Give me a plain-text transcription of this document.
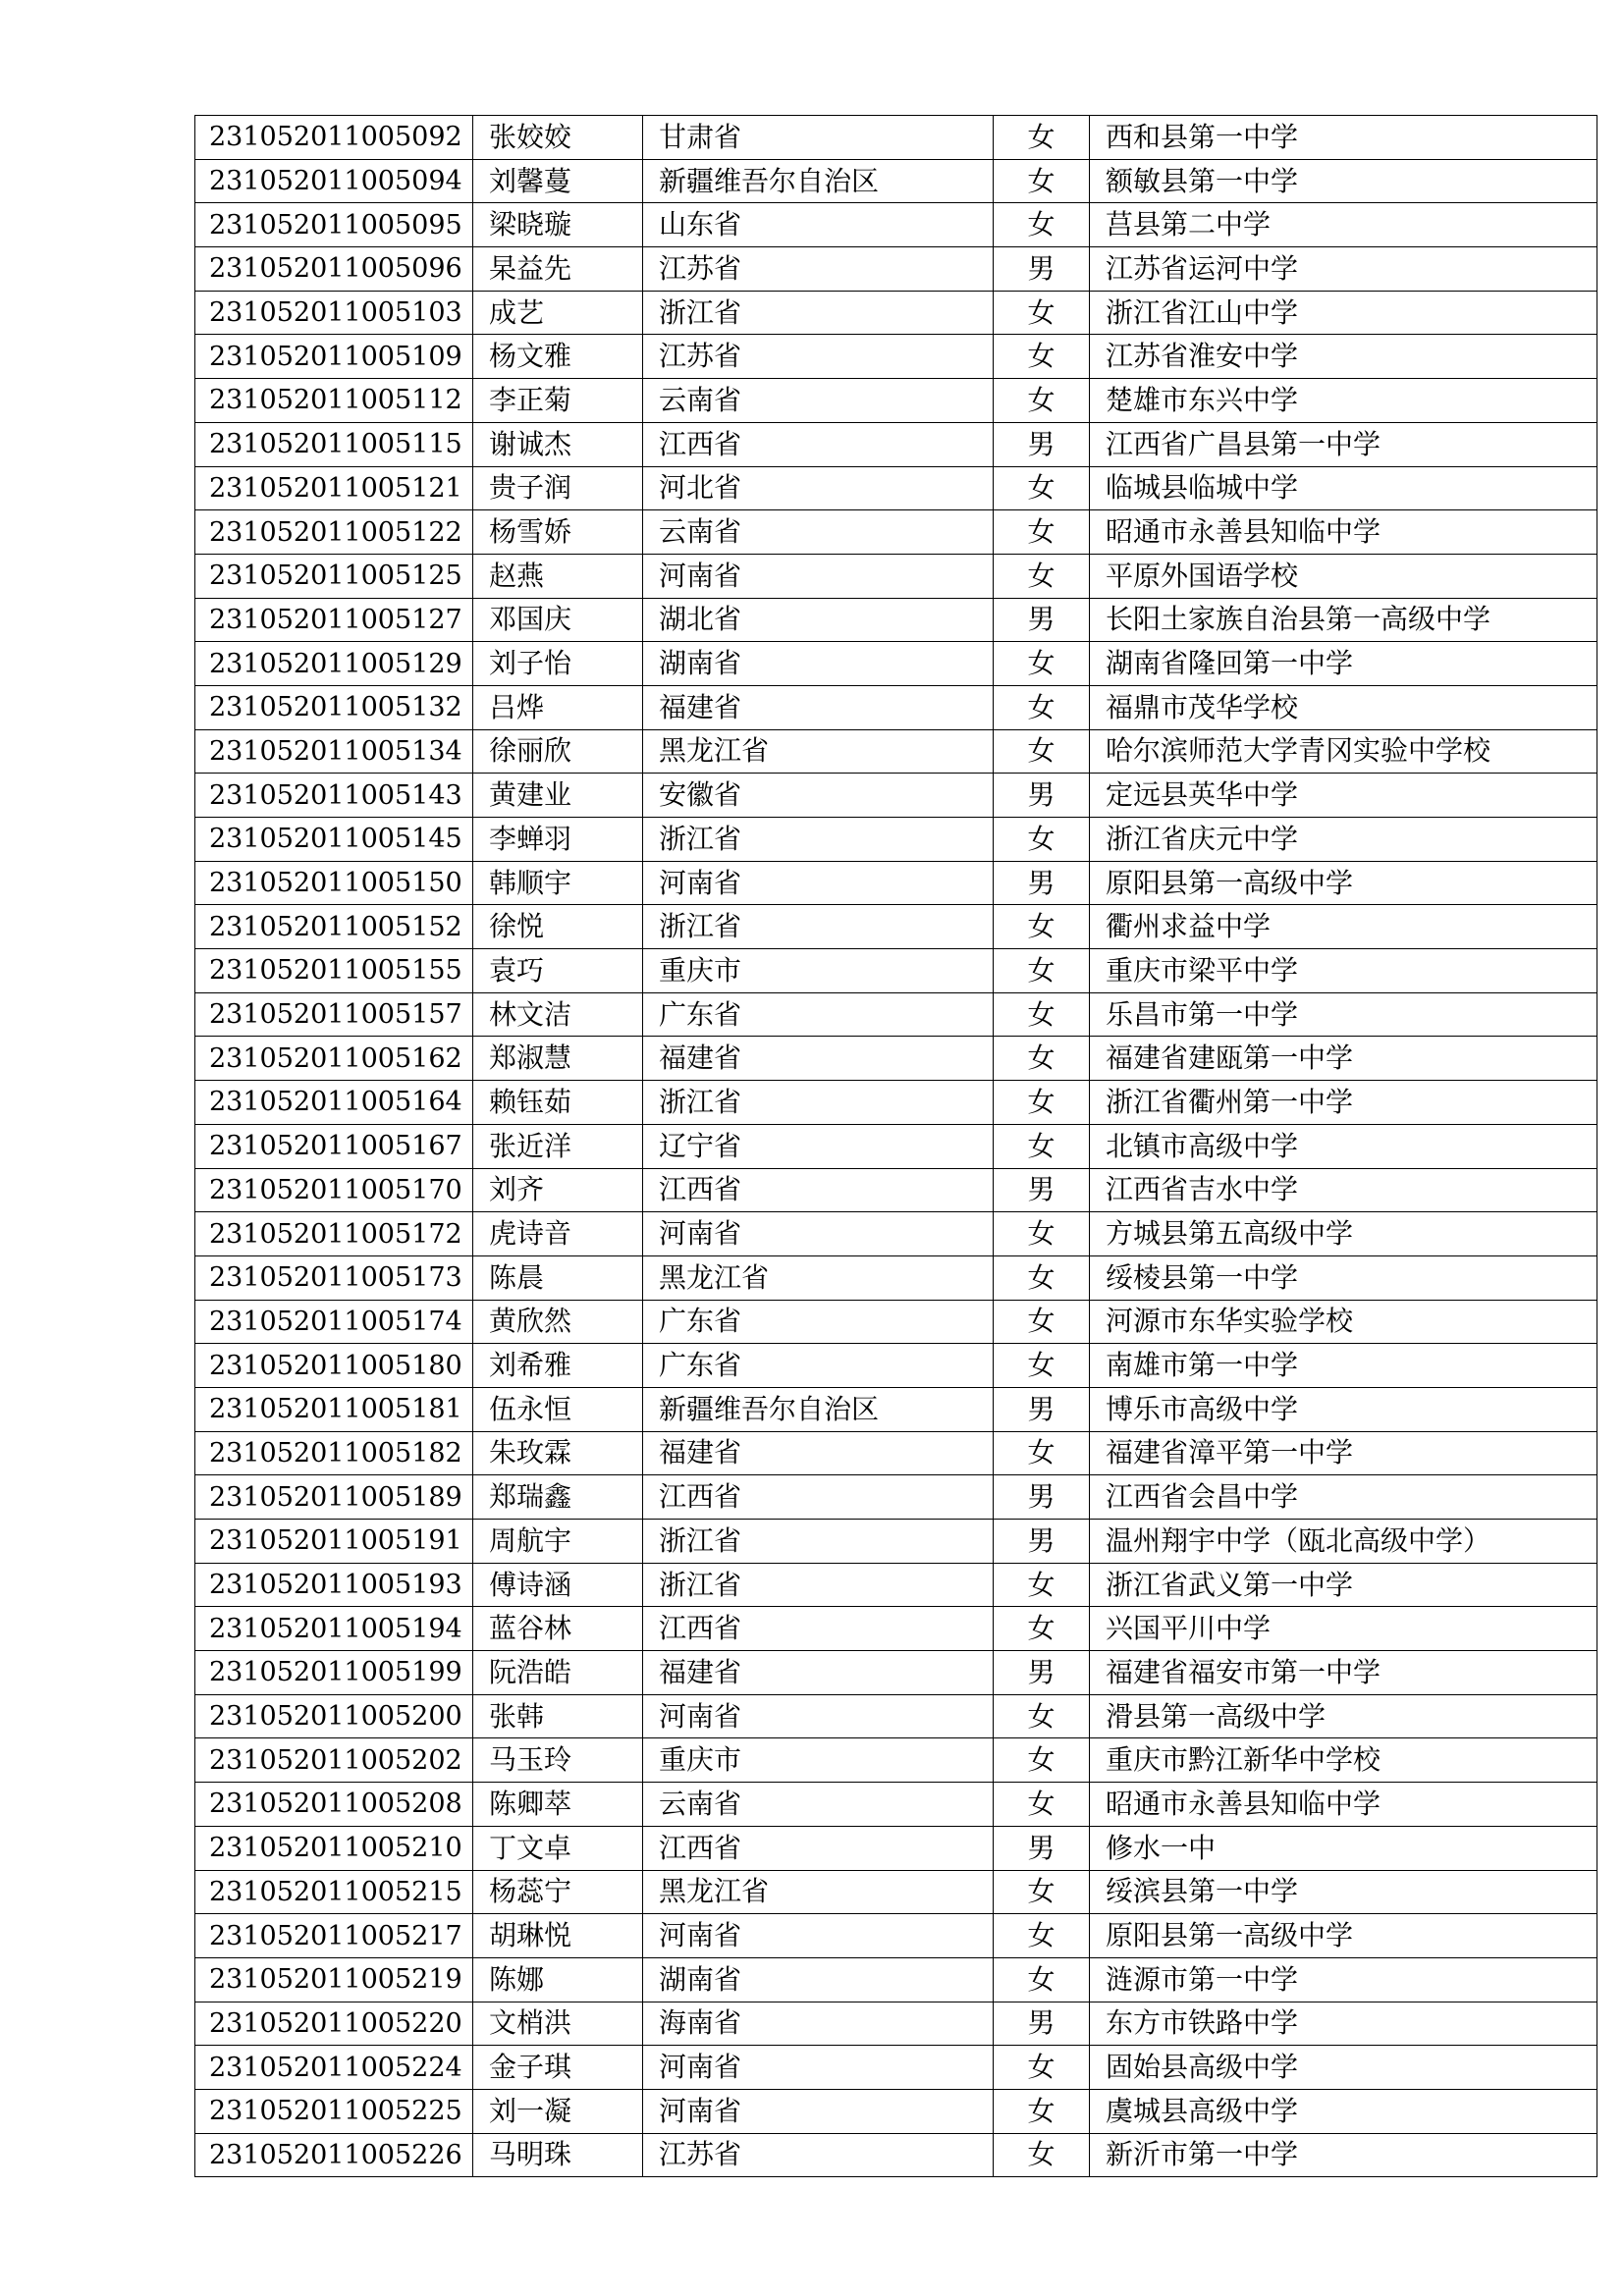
231052011005092	张姣姣	甘肃省	女	西和县第一中学
231052011005094	刘馨蔓	新疆维吾尔自治区	女	额敏县第一中学
231052011005095	梁晓璇	山东省	女	莒县第二中学
231052011005096	杲益先	江苏省	男	江苏省运河中学
231052011005103	成艺	浙江省	女	浙江省江山中学
231052011005109	杨文雅	江苏省	女	江苏省淮安中学
231052011005112	李正菊	云南省	女	楚雄市东兴中学
231052011005115	谢诚杰	江西省	男	江西省广昌县第一中学
231052011005121	贵子润	河北省	女	临城县临城中学
231052011005122	杨雪娇	云南省	女	昭通市永善县知临中学
231052011005125	赵燕	河南省	女	平原外国语学校
231052011005127	邓国庆	湖北省	男	长阳土家族自治县第一高级中学
231052011005129	刘子怡	湖南省	女	湖南省隆回第一中学
231052011005132	吕烨	福建省	女	福鼎市茂华学校
231052011005134	徐丽欣	黑龙江省	女	哈尔滨师范大学青冈实验中学校
231052011005143	黄建业	安徽省	男	定远县英华中学
231052011005145	李蝉羽	浙江省	女	浙江省庆元中学
231052011005150	韩顺宇	河南省	男	原阳县第一高级中学
231052011005152	徐悦	浙江省	女	衢州求益中学
231052011005155	袁巧	重庆市	女	重庆市梁平中学
231052011005157	林文洁	广东省	女	乐昌市第一中学
231052011005162	郑淑慧	福建省	女	福建省建瓯第一中学
231052011005164	赖钰茹	浙江省	女	浙江省衢州第一中学
231052011005167	张近洋	辽宁省	女	北镇市高级中学
231052011005170	刘齐	江西省	男	江西省吉水中学
231052011005172	虎诗音	河南省	女	方城县第五高级中学
231052011005173	陈晨	黑龙江省	女	绥棱县第一中学
231052011005174	黄欣然	广东省	女	河源市东华实验学校
231052011005180	刘希雅	广东省	女	南雄市第一中学
231052011005181	伍永恒	新疆维吾尔自治区	男	博乐市高级中学
231052011005182	朱玫霖	福建省	女	福建省漳平第一中学
231052011005189	郑瑞鑫	江西省	男	江西省会昌中学
231052011005191	周航宇	浙江省	男	温州翔宇中学（瓯北高级中学）
231052011005193	傅诗涵	浙江省	女	浙江省武义第一中学
231052011005194	蓝谷林	江西省	女	兴国平川中学
231052011005199	阮浩皓	福建省	男	福建省福安市第一中学
231052011005200	张韩	河南省	女	滑县第一高级中学
231052011005202	马玉玲	重庆市	女	重庆市黔江新华中学校
231052011005208	陈卿萃	云南省	女	昭通市永善县知临中学
231052011005210	丁文卓	江西省	男	修水一中
231052011005215	杨蕊宁	黑龙江省	女	绥滨县第一中学
231052011005217	胡琳悦	河南省	女	原阳县第一高级中学
231052011005219	陈娜	湖南省	女	涟源市第一中学
231052011005220	文梢洪	海南省	男	东方市铁路中学
231052011005224	金子琪	河南省	女	固始县高级中学
231052011005225	刘一凝	河南省	女	虞城县高级中学
231052011005226	马明珠	江苏省	女	新沂市第一中学
